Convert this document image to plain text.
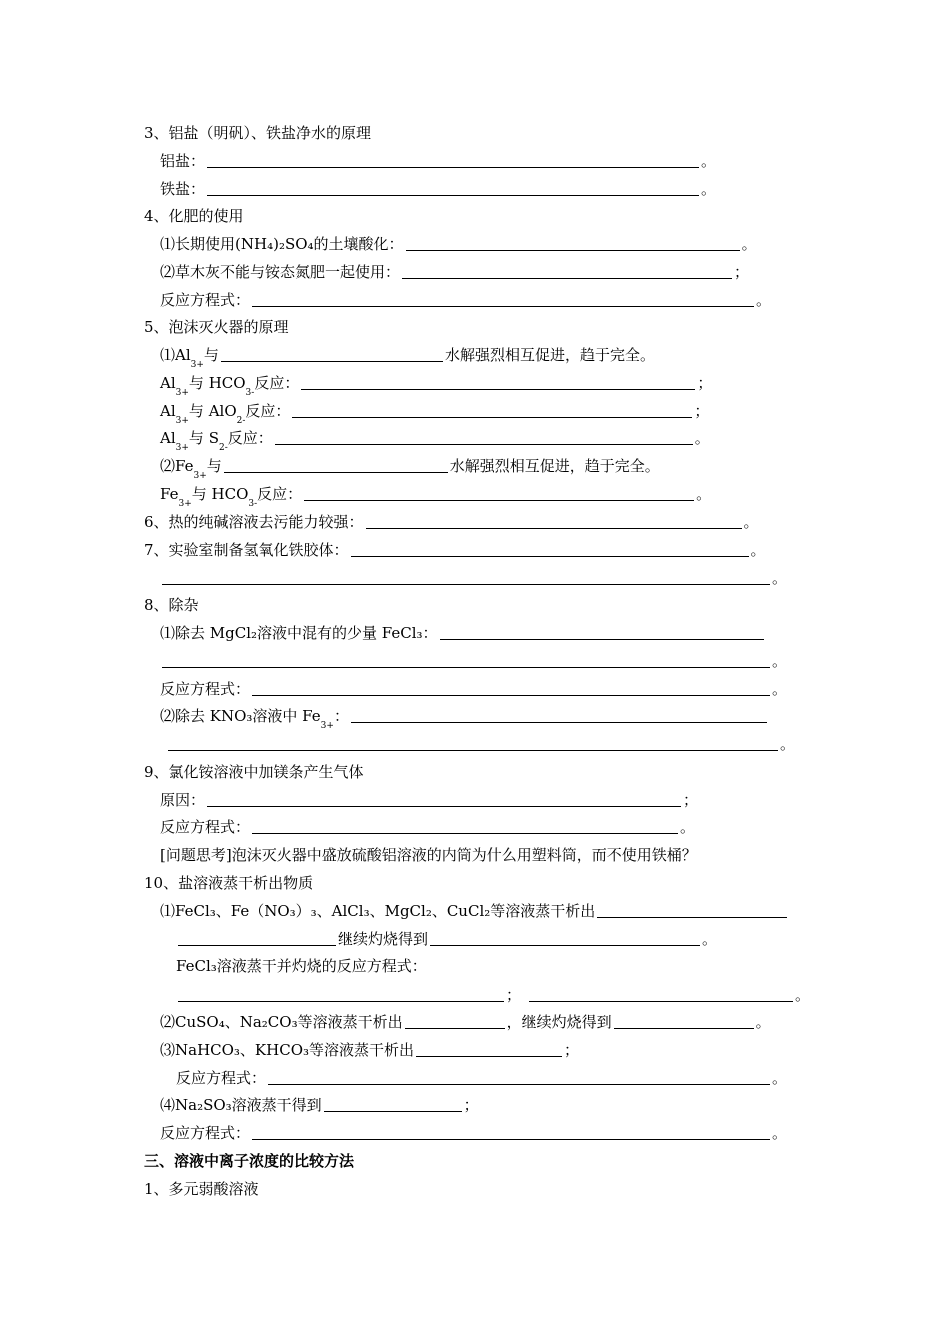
3、铝盐（明矾）、铁盐净水的原理
铝盐：	。
铁盐：	。
4、化肥的使用
⑴长期使用 (NH₄)₂SO₄ 的土壤酸化：	。
⑵草木灰不能与铵态氮肥一起使用：	；
反应方程式：	。
5、泡沫灭火器的原理
⑴Al
3+
与	水解强烈相互促进，趋于完全。
Al
3+
与 HCO
3 -
反应：	；
Al
3+
与 AlO
2 -
反应：	；
Al
3+
与 S
2-
反应：	。
⑵Fe
3+
与	水解强烈相互促进，趋于完全。
Fe
3+
与 HCO
3 -
反应：	。
6、热的纯碱溶液去污能力较强：	。
7、实验室制备氢氧化铁胶体：	。
。
8、除杂
⑴除去 MgCl₂溶液中混有的少量 FeCl₃：
。
反应方程式：	。
⑵除去 KNO₃溶液中 Fe
3+
：
。
9、氯化铵溶液中加镁条产生气体
原因：	；
反应方程式：	。
[问题思考]泡沫灭火器中盛放硫酸铝溶液的内筒为什么用塑料筒，而不使用铁桶？
10、盐溶液蒸干析出物质
⑴FeCl₃、Fe（NO₃）₃、AlCl₃、MgCl₂、CuCl₂等溶液蒸干析出
继续灼烧得到	。
FeCl₃溶液蒸干并灼烧的反应方程式：
；	。
⑵CuSO₄、Na₂CO₃等溶液蒸干析出	，继续灼烧得到	。
⑶NaHCO₃、KHCO₃等溶液蒸干析出	；
反应方程式：	。
⑷Na₂SO₃溶液蒸干得到	；
反应方程式：	。
三、溶液中离子浓度的比较方法
1、多元弱酸溶液
